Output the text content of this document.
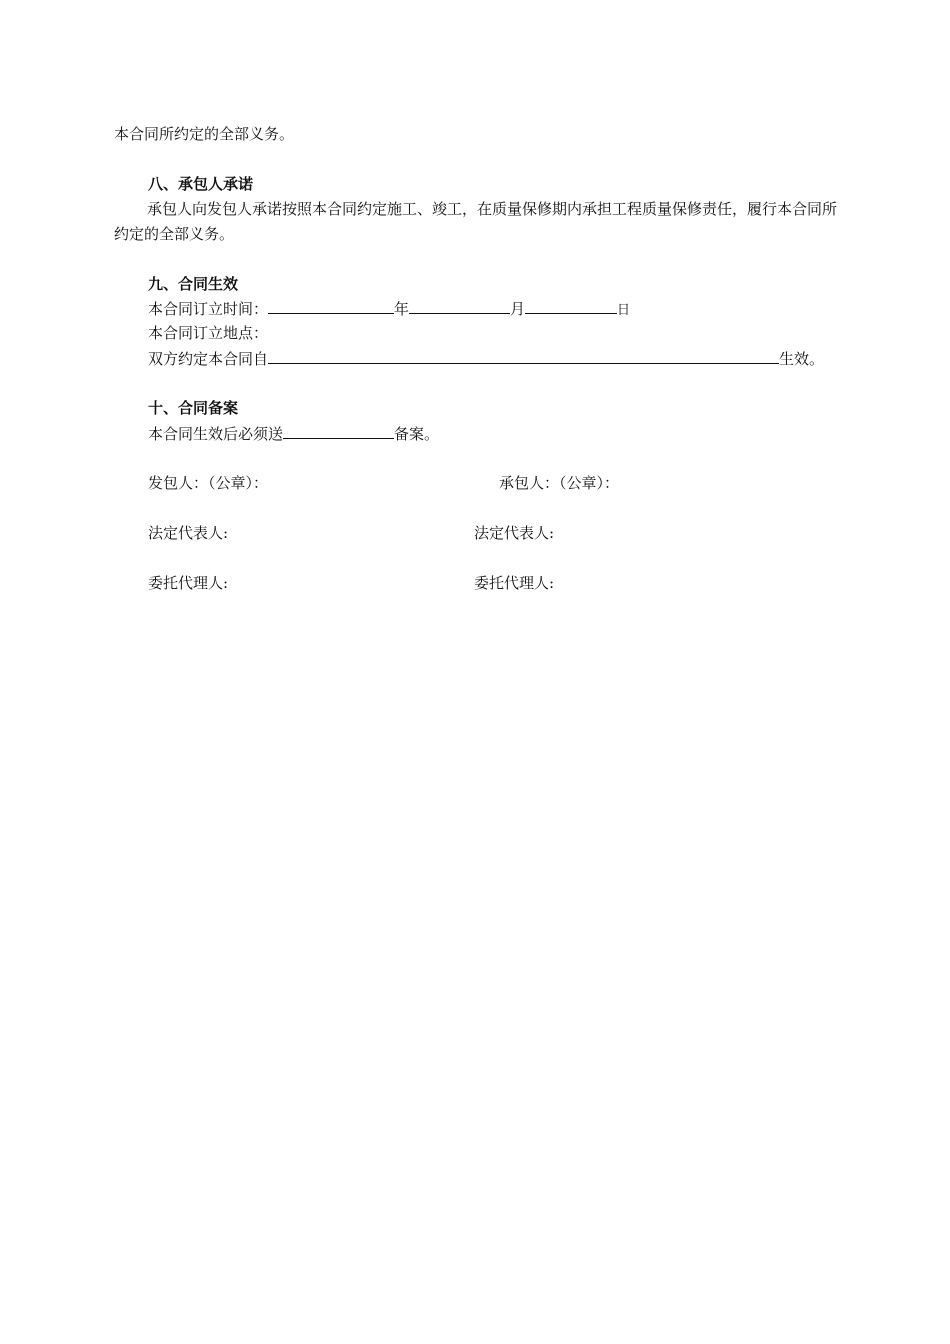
本合同所约定的全部义务。
八、承包人承诺
承包人向发包人承诺按照本合同约定施工、竣工，在质量保修期内承担工程质量保修责任，履行本合同所约定的全部义务。
九、合同生效
本合同订立时间：	年	月	日
本合同订立地点：
双方约定本合同自	生效。
十、合同备案
本合同生效后必须送	备案。
发包人：（公章）：	承包人：（公章）：
法定代表人:	法定代表人:
委托代理人:	委托代理人:
